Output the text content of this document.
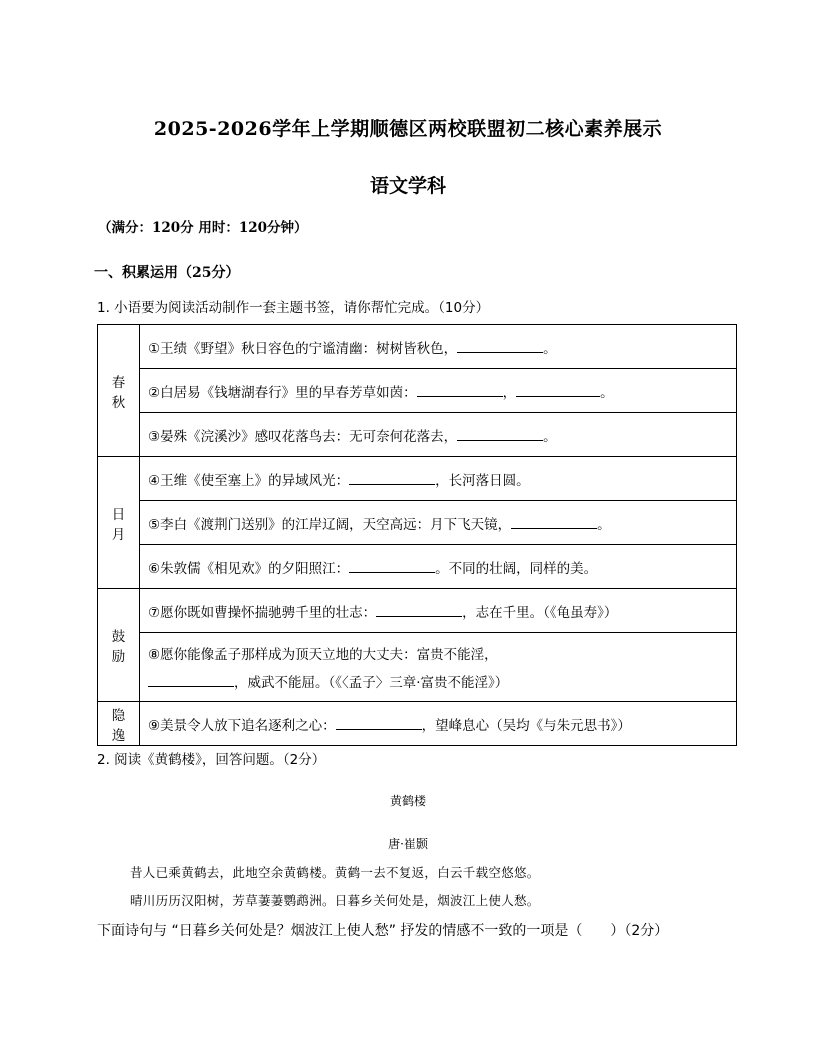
2025-2026学年上学期顺德区两校联盟初二核心素养展示
语文学科
（满分：120分 用时：120分钟）
一、积累运用（25分）
1. 小语要为阅读活动制作一套主题书签，请你帮忙完成。（10分）
春秋	①王绩《野望》秋日容色的宁谧清幽：树树皆秋色， 。
	②白居易《钱塘湖春行》里的早春芳草如茵： ， 。
	③晏殊《浣溪沙》感叹花落鸟去：无可奈何花落去， 。
日月	④王维《使至塞上》的异域风光： ，长河落日圆。
	⑤李白《渡荆门送别》的江岸辽阔，天空高远：月下飞天镜， 。
	⑥朱敦儒《相见欢》的夕阳照江： 。不同的壮阔，同样的美。
鼓励	⑦愿你既如曹操怀揣驰骋千里的壮志： ，志在千里。（《龟虽寿》）

	⑧愿你能像孟子那样成为顶天立地的大丈夫：富贵不能淫，
，威武不能屈。（《〈孟子〉三章·富贵不能淫》）

隐逸	⑨美景令人放下追名逐利之心： ，望峰息心（吴均《与朱元思书》）
2. 阅读《黄鹤楼》，回答问题。（2分）
黄鹤楼
唐·崔颢
昔人已乘黄鹤去，此地空余黄鹤楼。黄鹤一去不复返，白云千载空悠悠。
晴川历历汉阳树，芳草萋萋鹦鹉洲。日暮乡关何处是，烟波江上使人愁。
下面诗句与 “日暮乡关何处是？烟波江上使人愁” 抒发的情感不一致的一项是（　　）（2分）
